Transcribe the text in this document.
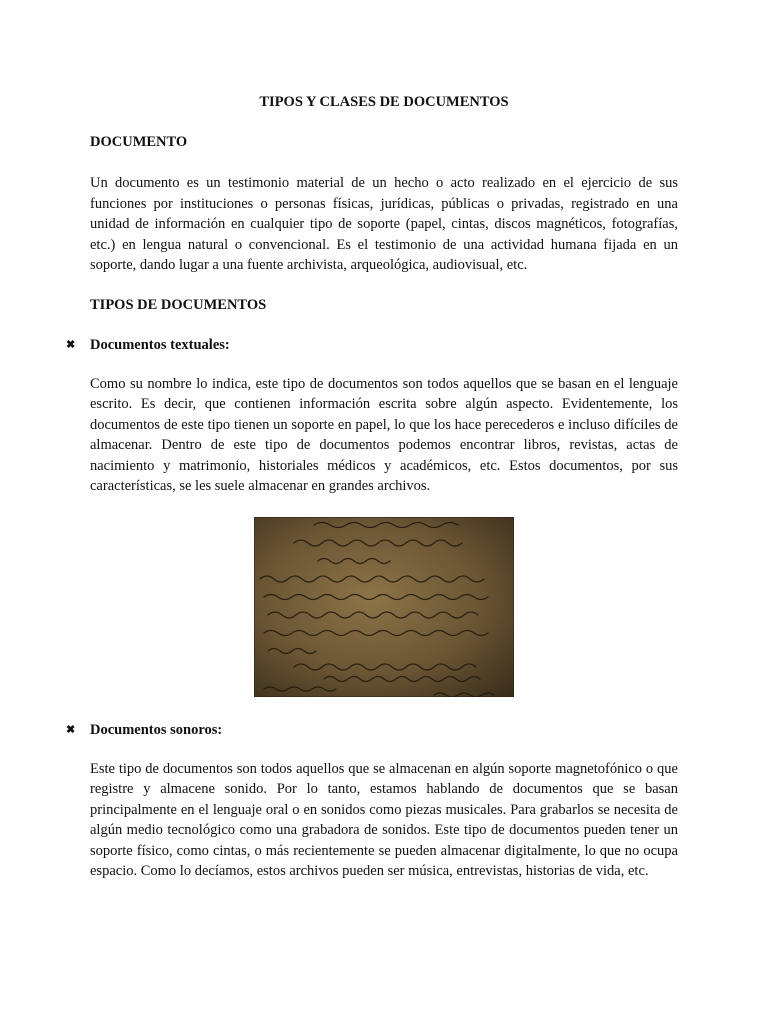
TIPOS Y CLASES DE DOCUMENTOS
DOCUMENTO

Un documento es un testimonio material de un hecho o acto realizado en el ejercicio de sus funciones por instituciones o personas físicas, jurídicas, públicas o privadas, registrado en una unidad de información en cualquier tipo de soporte (papel, cintas, discos magnéticos, fotografías, etc.) en lengua natural o convencional. Es el testimonio de una actividad humana fijada en un soporte, dando lugar a una fuente archivista, arqueológica, audiovisual, etc.

TIPOS DE DOCUMENTOS
✖ Documentos textuales:

Como su nombre lo indica, este tipo de documentos son todos aquellos que se basan en el lenguaje escrito. Es decir, que contienen información escrita sobre algún aspecto. Evidentemente, los documentos de este tipo tienen un soporte en papel, lo que los hace perecederos e incluso difíciles de almacenar. Dentro de este tipo de documentos podemos encontrar libros, revistas, actas de nacimiento y matrimonio, historiales médicos y académicos, etc. Estos documentos, por sus características, se les suele almacenar en grandes archivos.

✖ Documentos sonoros:

Este tipo de documentos son todos aquellos que se almacenan en algún soporte magnetofónico o que registre y almacene sonido. Por lo tanto, estamos hablando de documentos que se basan principalmente en el lenguaje oral o en sonidos como piezas musicales. Para grabarlos se necesita de algún medio tecnológico como una grabadora de sonidos. Este tipo de documentos pueden tener un soporte físico, como cintas, o más recientemente se pueden almacenar digitalmente, lo que no ocupa espacio. Como lo decíamos, estos archivos pueden ser música, entrevistas, historias de vida, etc.
